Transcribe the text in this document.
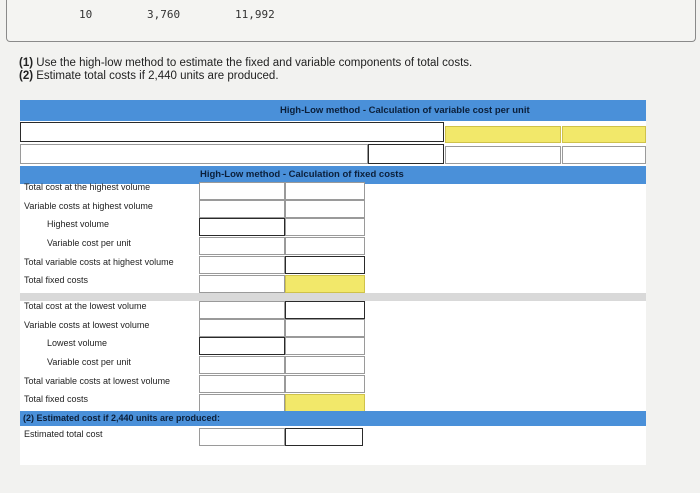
10	3,760	11,992
(1) Use the high-low method to estimate the fixed and variable components of total costs.
(2) Estimate total costs if 2,440 units are produced.
High-Low method - Calculation of variable cost per unit
High-Low method - Calculation of fixed costs
Total cost at the highest volume
Variable costs at highest volume
Highest volume
Variable cost per unit
Total variable costs at highest volume
Total fixed costs
Total cost at the lowest volume
Variable costs at lowest volume
Lowest volume
Variable cost per unit
Total variable costs at lowest volume
Total fixed costs
(2) Estimated cost if 2,440 units are produced:
Estimated total cost
